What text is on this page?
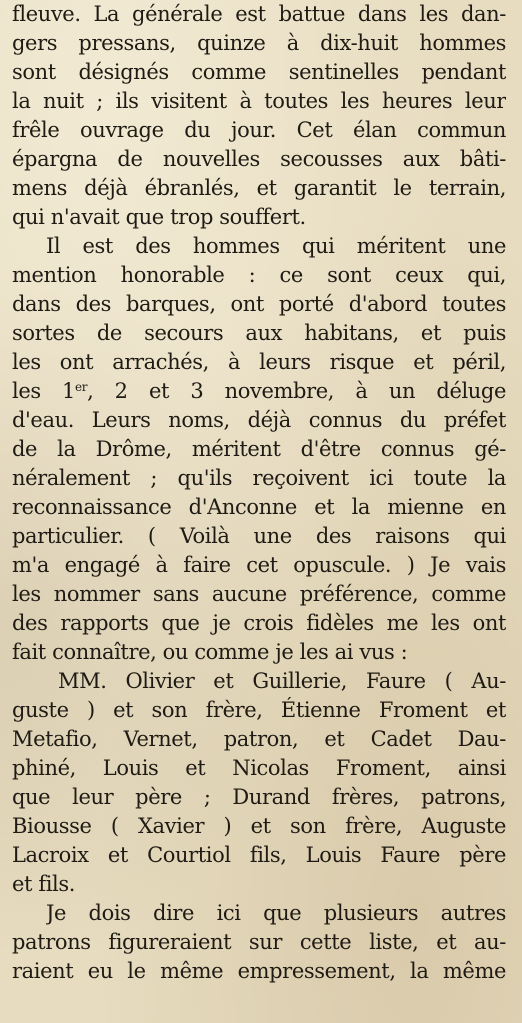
fleuve. La générale est battue dans les dan-
gers pressans, quinze à dix-huit hommes
sont désignés comme sentinelles pendant
la nuit ; ils visitent à toutes les heures leur
frêle ouvrage du jour. Cet élan commun
épargna de nouvelles secousses aux bâti-
mens déjà ébranlés, et garantit le terrain,
qui n'avait que trop souffert.
Il est des hommes qui méritent une
mention honorable : ce sont ceux qui,
dans des barques, ont porté d'abord toutes
sortes de secours aux habitans, et puis
les ont arrachés, à leurs risque et péril,
les 1er, 2 et 3 novembre, à un déluge
d'eau. Leurs noms, déjà connus du préfet
de la Drôme, méritent d'être connus gé-
néralement ; qu'ils reçoivent ici toute la
reconnaissance d'Anconne et la mienne en
particulier. ( Voilà une des raisons qui
m'a engagé à faire cet opuscule. ) Je vais
les nommer sans aucune préférence, comme
des rapports que je crois fidèles me les ont
fait connaître, ou comme je les ai vus :
MM. Olivier et Guillerie, Faure ( Au-
guste ) et son frère, Étienne Froment et
Metafio, Vernet, patron, et Cadet Dau-
phiné, Louis et Nicolas Froment, ainsi
que leur père ; Durand frères, patrons,
Biousse ( Xavier ) et son frère, Auguste
Lacroix et Courtiol fils, Louis Faure père
et fils.
Je dois dire ici que plusieurs autres
patrons figureraient sur cette liste, et au-
raient eu le même empressement, la même
